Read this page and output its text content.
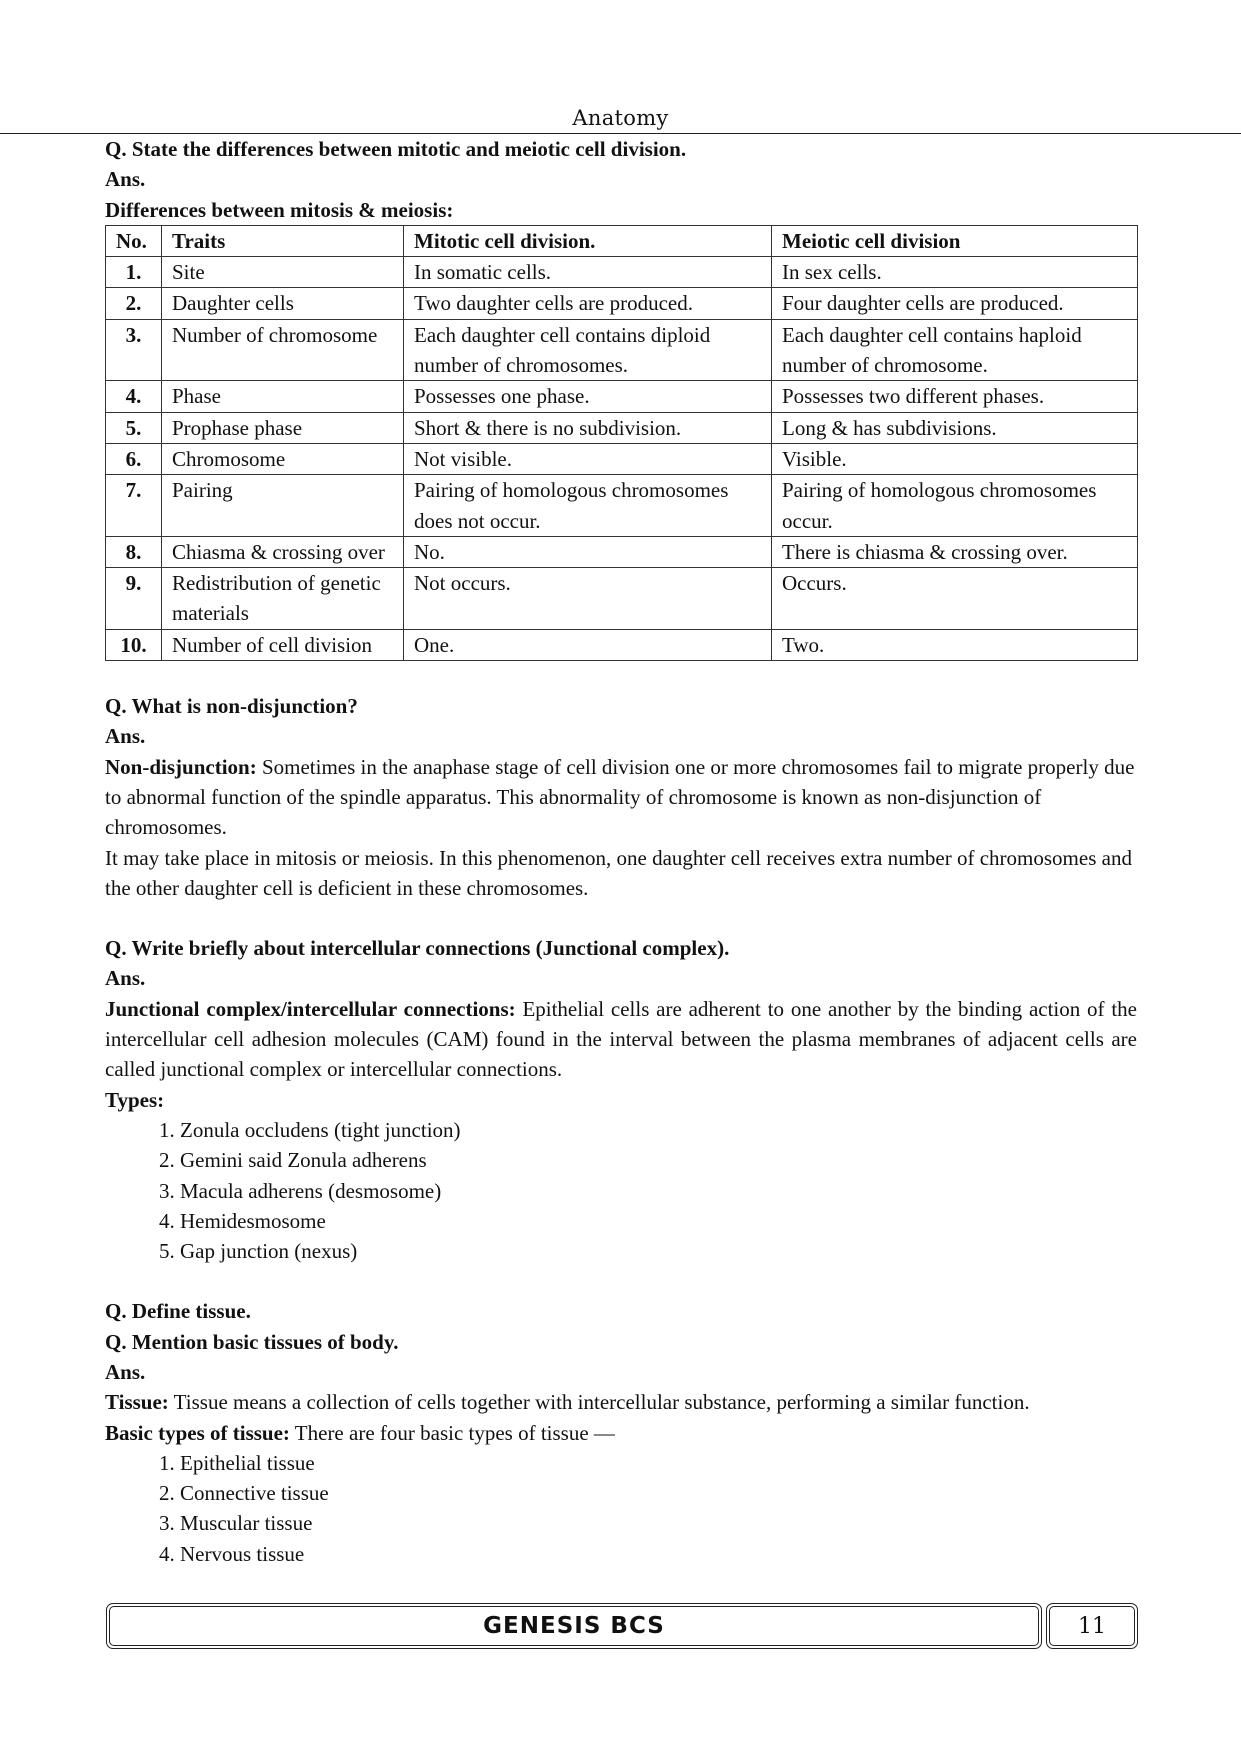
Anatomy

Q. State the differences between mitotic and meiotic cell division.

Ans.

Differences between mitosis & meiosis:

No.	Traits	Mitotic cell division.	Meiotic cell division
1.	Site	In somatic cells.	In sex cells.
2.	Daughter cells	Two daughter cells are produced.	Four daughter cells are produced.
3.	Number of chromosome	Each daughter cell contains diploid number of chromosomes.	Each daughter cell contains haploid number of chromosome.
4.	Phase	Possesses one phase.	Possesses two different phases.
5.	Prophase phase	Short & there is no subdivision.	Long & has subdivisions.
6.	Chromosome	Not visible.	Visible.
7.	Pairing	Pairing of homologous chromosomes does not occur.	Pairing of homologous chromosomes occur.
8.	Chiasma & crossing over	No.	There is chiasma & crossing over.
9.	Redistribution of genetic materials	Not occurs.	Occurs.
10.	Number of cell division	One.	Two.

Q. What is non-disjunction?

Ans.

Non-disjunction: Sometimes in the anaphase stage of cell division one or more chromosomes fail to migrate properly due to abnormal function of the spindle apparatus. This abnormality of chromosome is known as non-disjunction of chromosomes.

It may take place in mitosis or meiosis. In this phenomenon, one daughter cell receives extra number of chromosomes and the other daughter cell is deficient in these chromosomes.

Q. Write briefly about intercellular connections (Junctional complex).

Ans.

Junctional complex/intercellular connections: Epithelial cells are adherent to one another by the binding action of the intercellular cell adhesion molecules (CAM) found in the interval between the plasma membranes of adjacent cells are called junctional complex or intercellular connections.

Types:

1. Zonula occludens (tight junction)
2. Gemini said Zonula adherens
3. Macula adherens (desmosome)
4. Hemidesmosome
5. Gap junction (nexus)

Q. Define tissue.

Q. Mention basic tissues of body.

Ans.

Tissue: Tissue means a collection of cells together with intercellular substance, performing a similar function.

Basic types of tissue: There are four basic types of tissue —

1. Epithelial tissue
2. Connective tissue
3. Muscular tissue
4. Nervous tissue
GENESIS BCS	11
